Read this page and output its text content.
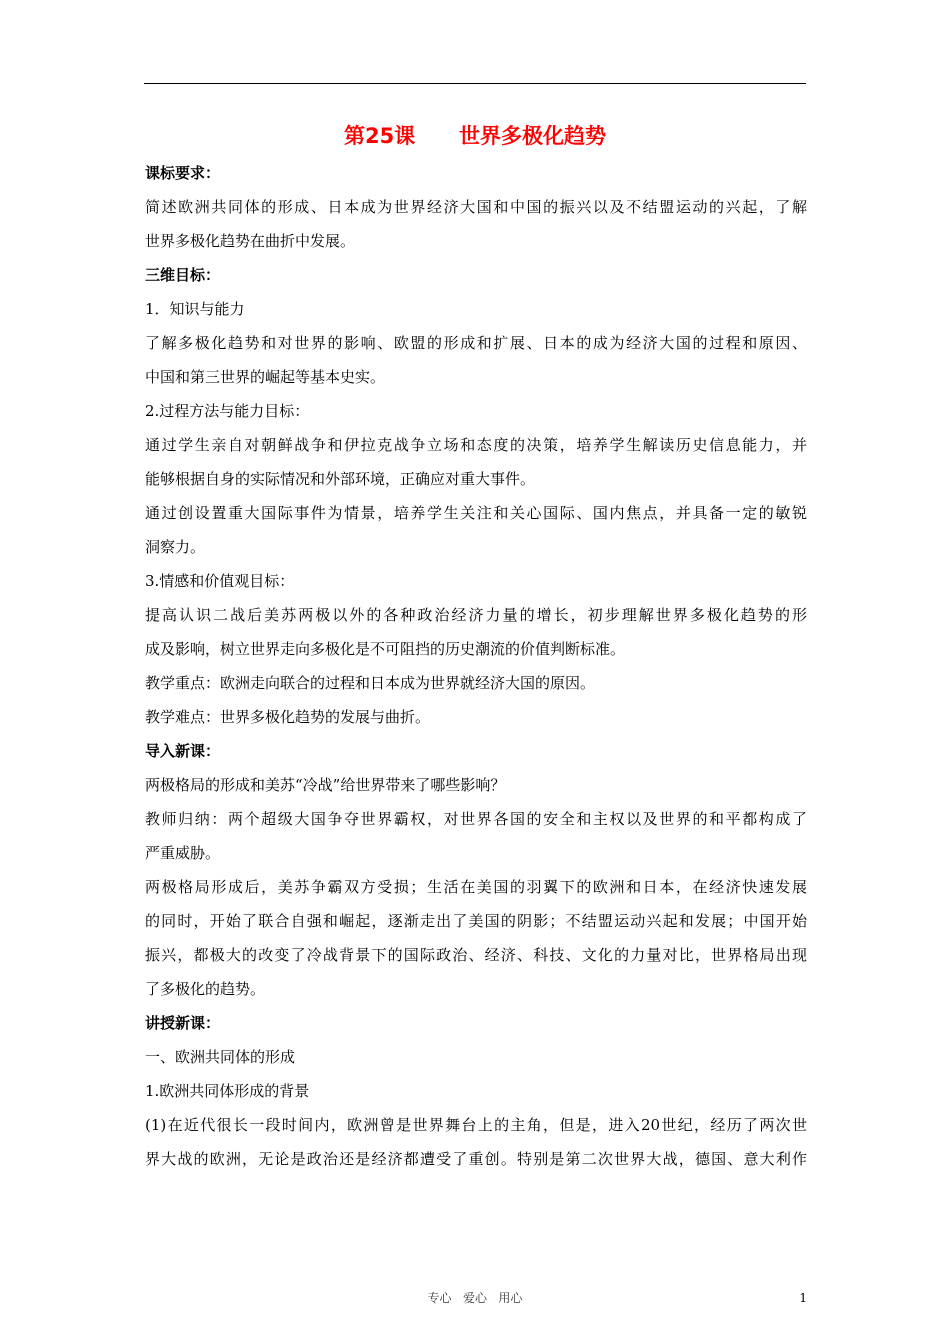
第25课      世界多极化趋势
课标要求：
简述欧洲共同体的形成、日本成为世界经济大国和中国的振兴以及不结盟运动的兴起，了解
世界多极化趋势在曲折中发展。
三维目标：
1．知识与能力
了解多极化趋势和对世界的影响、欧盟的形成和扩展、日本的成为经济大国的过程和原因、
中国和第三世界的崛起等基本史实。
2.过程方法与能力目标：
通过学生亲自对朝鲜战争和伊拉克战争立场和态度的决策，培养学生解读历史信息能力，并
能够根据自身的实际情况和外部环境，正确应对重大事件。
通过创设置重大国际事件为情景，培养学生关注和关心国际、国内焦点，并具备一定的敏锐
洞察力。
3.情感和价值观目标：
提高认识二战后美苏两极以外的各种政治经济力量的增长，初步理解世界多极化趋势的形
成及影响，树立世界走向多极化是不可阻挡的历史潮流的价值判断标准。
教学重点：欧洲走向联合的过程和日本成为世界就经济大国的原因。
教学难点：世界多极化趋势的发展与曲折。
导入新课：
两极格局的形成和美苏“冷战”给世界带来了哪些影响？
教师归纳：两个超级大国争夺世界霸权，对世界各国的安全和主权以及世界的和平都构成了
严重威胁。
两极格局形成后，美苏争霸双方受损；生活在美国的羽翼下的欧洲和日本，在经济快速发展
的同时，开始了联合自强和崛起，逐渐走出了美国的阴影；不结盟运动兴起和发展；中国开始
振兴，都极大的改变了冷战背景下的国际政治、经济、科技、文化的力量对比，世界格局出现
了多极化的趋势。
讲授新课：
一、欧洲共同体的形成
1.欧洲共同体形成的背景
(1)在近代很长一段时间内，欧洲曾是世界舞台上的主角，但是，进入20世纪，经历了两次世
界大战的欧洲，无论是政治还是经济都遭受了重创。特别是第二次世界大战，德国、意大利作
专心   爱心   用心	1
